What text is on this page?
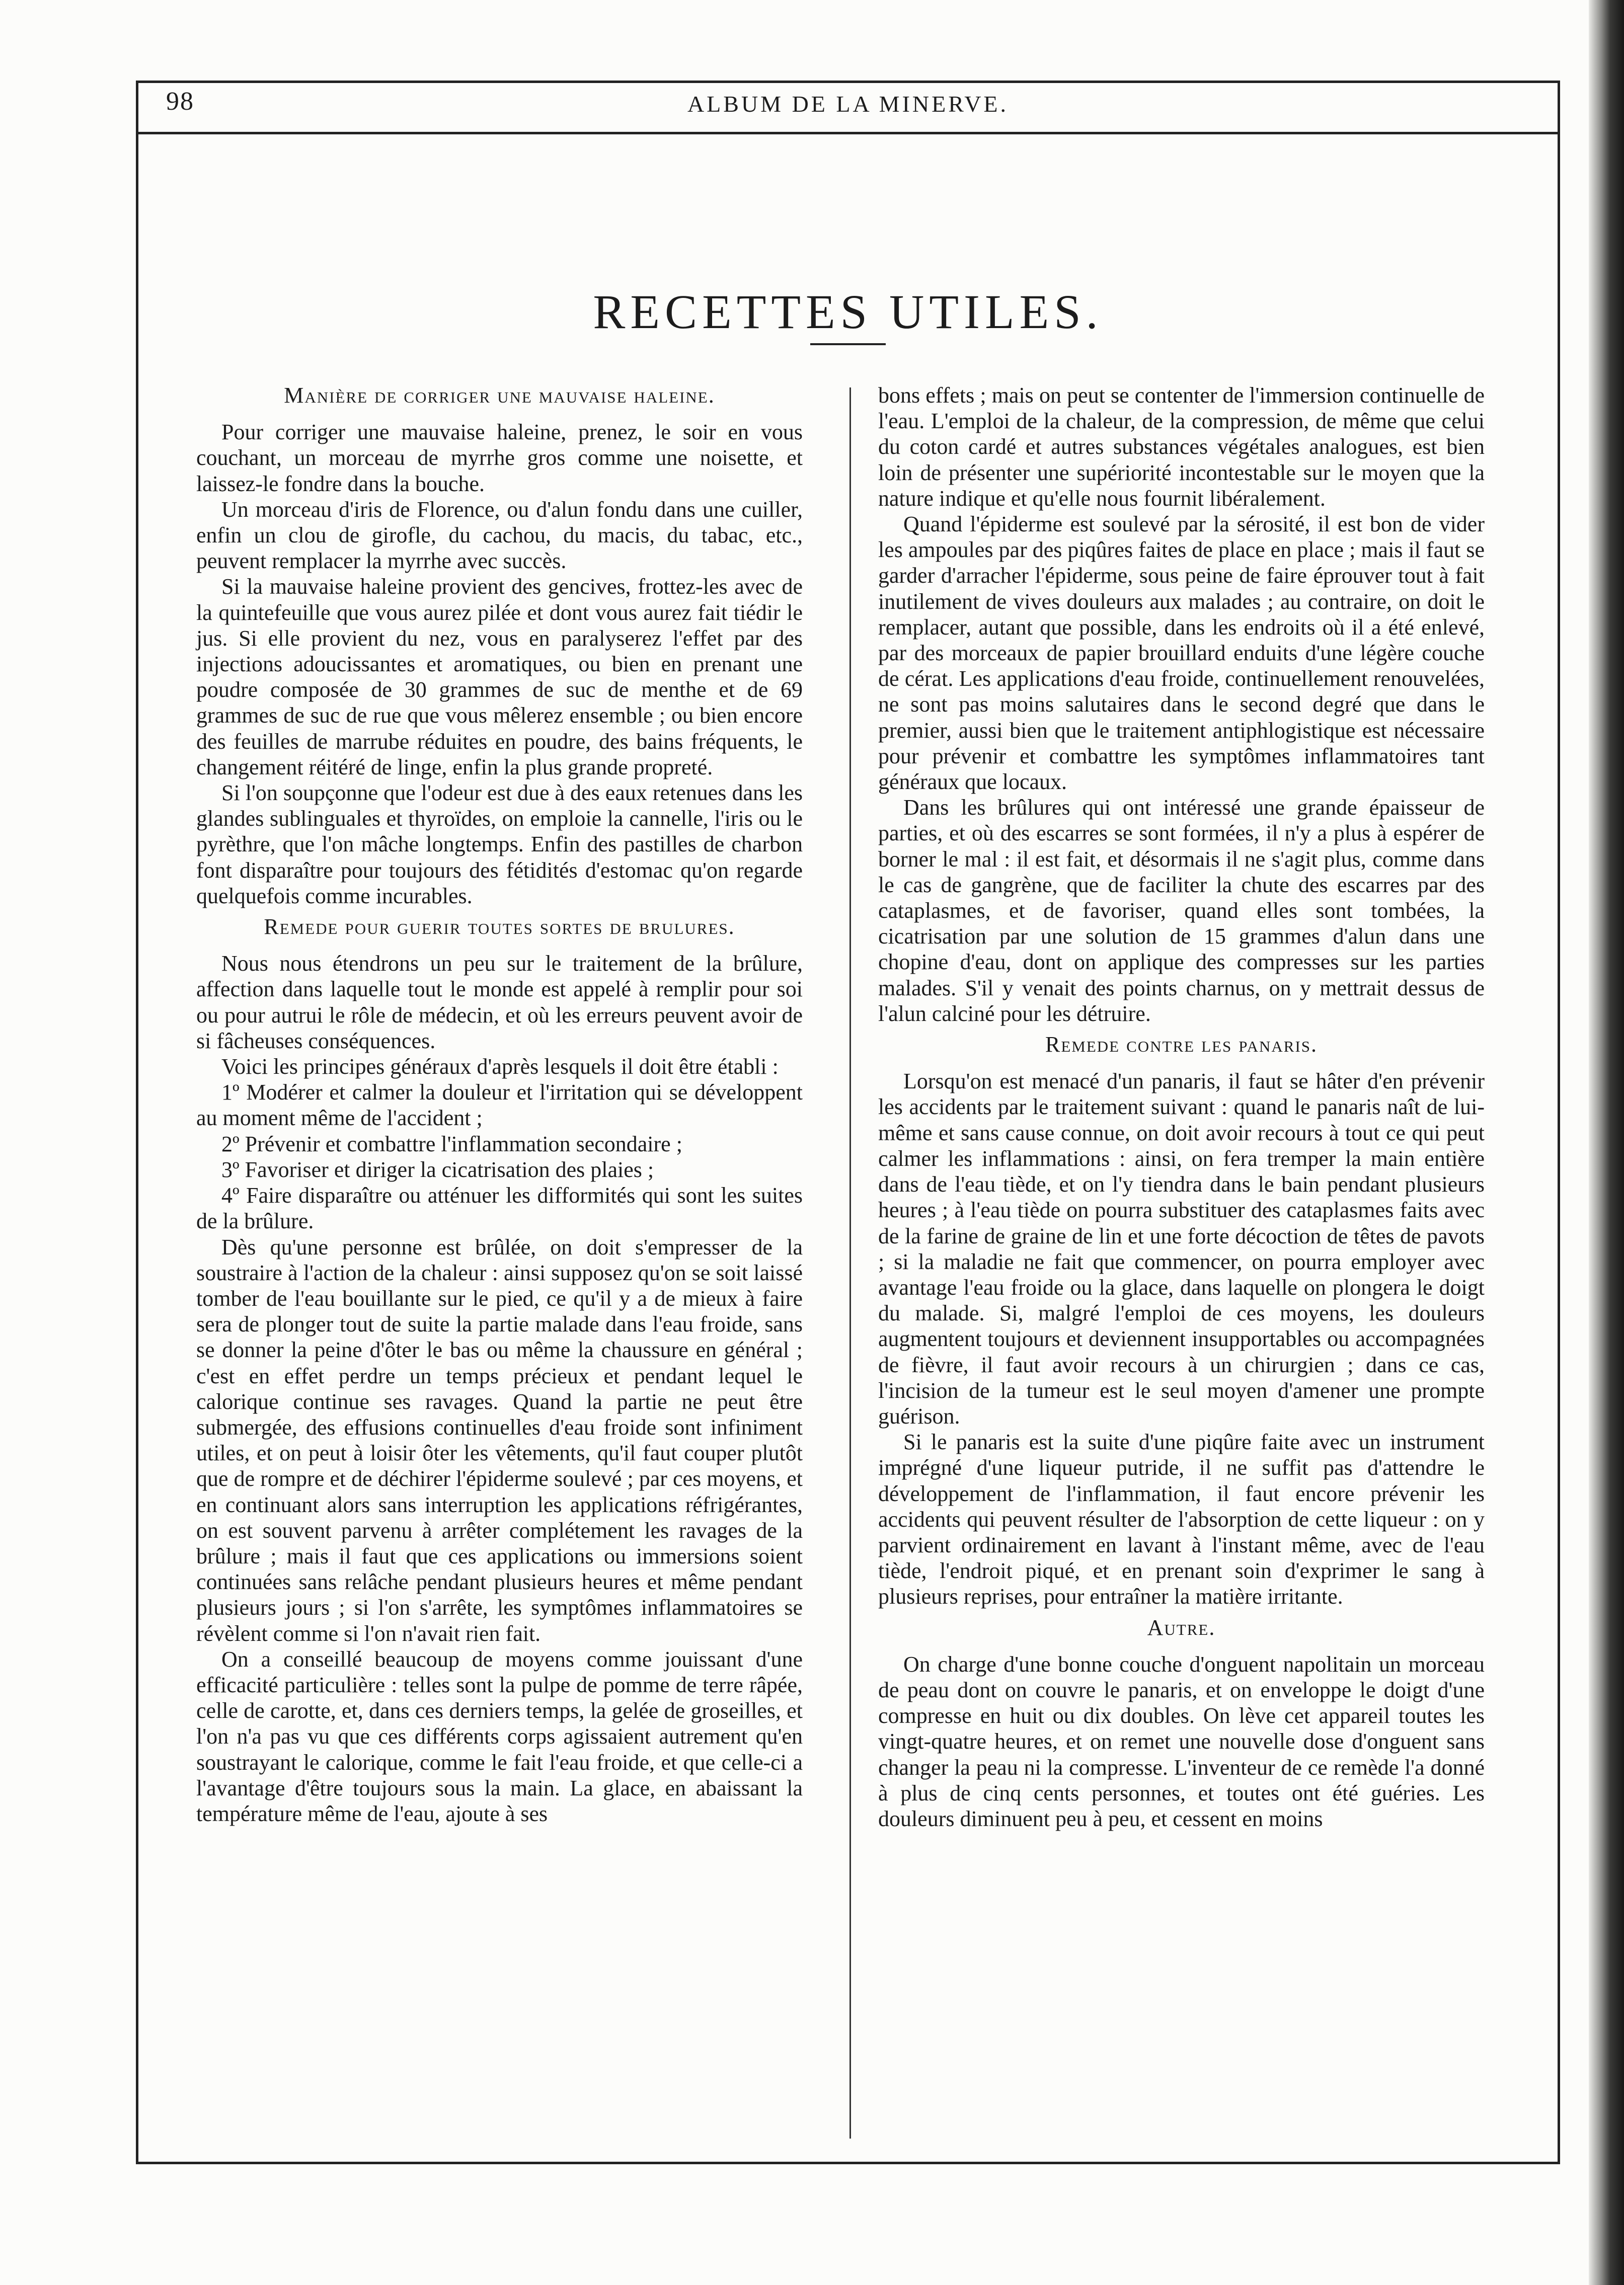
98	ALBUM DE LA MINERVE.
RECETTES UTILES.
Manière de corriger une mauvaise haleine.

Pour corriger une mauvaise haleine, prenez, le soir en vous couchant, un morceau de myrrhe gros comme une noisette, et laissez-le fondre dans la bouche.

Un morceau d'iris de Florence, ou d'alun fondu dans une cuiller, enfin un clou de girofle, du cachou, du macis, du tabac, etc., peuvent remplacer la myrrhe avec succès.

Si la mauvaise haleine provient des gencives, frottez-les avec de la quintefeuille que vous aurez pilée et dont vous aurez fait tiédir le jus. Si elle provient du nez, vous en paralyserez l'effet par des injections adoucissantes et aromatiques, ou bien en prenant une poudre composée de 30 grammes de suc de menthe et de 69 grammes de suc de rue que vous mêlerez ensemble ; ou bien encore des feuilles de marrube réduites en poudre, des bains fréquents, le changement réitéré de linge, enfin la plus grande propreté.

Si l'on soupçonne que l'odeur est due à des eaux retenues dans les glandes sublinguales et thyroïdes, on emploie la cannelle, l'iris ou le pyrèthre, que l'on mâche longtemps. Enfin des pastilles de charbon font disparaître pour toujours des fétidités d'estomac qu'on regarde quelquefois comme incurables.

Remede pour guerir toutes sortes de brulures.

Nous nous étendrons un peu sur le traitement de la brûlure, affection dans laquelle tout le monde est appelé à remplir pour soi ou pour autrui le rôle de médecin, et où les erreurs peuvent avoir de si fâcheuses conséquences.

Voici les principes généraux d'après lesquels il doit être établi :

1º Modérer et calmer la douleur et l'irritation qui se développent au moment même de l'accident ;

2º Prévenir et combattre l'inflammation secondaire ;

3º Favoriser et diriger la cicatrisation des plaies ;

4º Faire disparaître ou atténuer les difformités qui sont les suites de la brûlure.

Dès qu'une personne est brûlée, on doit s'empresser de la soustraire à l'action de la chaleur : ainsi supposez qu'on se soit laissé tomber de l'eau bouillante sur le pied, ce qu'il y a de mieux à faire sera de plonger tout de suite la partie malade dans l'eau froide, sans se donner la peine d'ôter le bas ou même la chaussure en général ; c'est en effet perdre un temps précieux et pendant lequel le calorique continue ses ravages. Quand la partie ne peut être submergée, des effusions continuelles d'eau froide sont infiniment utiles, et on peut à loisir ôter les vêtements, qu'il faut couper plutôt que de rompre et de déchirer l'épiderme soulevé ; par ces moyens, et en continuant alors sans interruption les applications réfrigérantes, on est souvent parvenu à arrêter complétement les ravages de la brûlure ; mais il faut que ces applications ou immersions soient continuées sans relâche pendant plusieurs heures et même pendant plusieurs jours ; si l'on s'arrête, les symptômes inflammatoires se révèlent comme si l'on n'avait rien fait.

On a conseillé beaucoup de moyens comme jouissant d'une efficacité particulière : telles sont la pulpe de pomme de terre râpée, celle de carotte, et, dans ces derniers temps, la gelée de groseilles, et l'on n'a pas vu que ces différents corps agissaient autrement qu'en soustrayant le calorique, comme le fait l'eau froide, et que celle-ci a l'avantage d'être toujours sous la main. La glace, en abaissant la température même de l'eau, ajoute à ses

bons effets ; mais on peut se contenter de l'immersion continuelle de l'eau. L'emploi de la chaleur, de la compression, de même que celui du coton cardé et autres substances végétales analogues, est bien loin de présenter une supériorité incontestable sur le moyen que la nature indique et qu'elle nous fournit libéralement.

Quand l'épiderme est soulevé par la sérosité, il est bon de vider les ampoules par des piqûres faites de place en place ; mais il faut se garder d'arracher l'épiderme, sous peine de faire éprouver tout à fait inutilement de vives douleurs aux malades ; au contraire, on doit le remplacer, autant que possible, dans les endroits où il a été enlevé, par des morceaux de papier brouillard enduits d'une légère couche de cérat. Les applications d'eau froide, continuellement renouvelées, ne sont pas moins salutaires dans le second degré que dans le premier, aussi bien que le traitement antiphlogistique est nécessaire pour prévenir et combattre les symptômes inflammatoires tant généraux que locaux.

Dans les brûlures qui ont intéressé une grande épaisseur de parties, et où des escarres se sont formées, il n'y a plus à espérer de borner le mal : il est fait, et désormais il ne s'agit plus, comme dans le cas de gangrène, que de faciliter la chute des escarres par des cataplasmes, et de favoriser, quand elles sont tombées, la cicatrisation par une solution de 15 grammes d'alun dans une chopine d'eau, dont on applique des compresses sur les parties malades. S'il y venait des points charnus, on y mettrait dessus de l'alun calciné pour les détruire.

Remede contre les panaris.

Lorsqu'on est menacé d'un panaris, il faut se hâter d'en prévenir les accidents par le traitement suivant : quand le panaris naît de lui-même et sans cause connue, on doit avoir recours à tout ce qui peut calmer les inflammations : ainsi, on fera tremper la main entière dans de l'eau tiède, et on l'y tiendra dans le bain pendant plusieurs heures ; à l'eau tiède on pourra substituer des cataplasmes faits avec de la farine de graine de lin et une forte décoction de têtes de pavots ; si la maladie ne fait que commencer, on pourra employer avec avantage l'eau froide ou la glace, dans laquelle on plongera le doigt du malade. Si, malgré l'emploi de ces moyens, les douleurs augmentent toujours et deviennent insupportables ou accompagnées de fièvre, il faut avoir recours à un chirurgien ; dans ce cas, l'incision de la tumeur est le seul moyen d'amener une prompte guérison.

Si le panaris est la suite d'une piqûre faite avec un instrument imprégné d'une liqueur putride, il ne suffit pas d'attendre le développement de l'inflammation, il faut encore prévenir les accidents qui peuvent résulter de l'absorption de cette liqueur : on y parvient ordinairement en lavant à l'instant même, avec de l'eau tiède, l'endroit piqué, et en prenant soin d'exprimer le sang à plusieurs reprises, pour entraîner la matière irritante.

Autre.

On charge d'une bonne couche d'onguent napolitain un morceau de peau dont on couvre le panaris, et on enveloppe le doigt d'une compresse en huit ou dix doubles. On lève cet appareil toutes les vingt-quatre heures, et on remet une nouvelle dose d'onguent sans changer la peau ni la compresse. L'inventeur de ce remède l'a donné à plus de cinq cents personnes, et toutes ont été guéries. Les douleurs diminuent peu à peu, et cessent en moins
